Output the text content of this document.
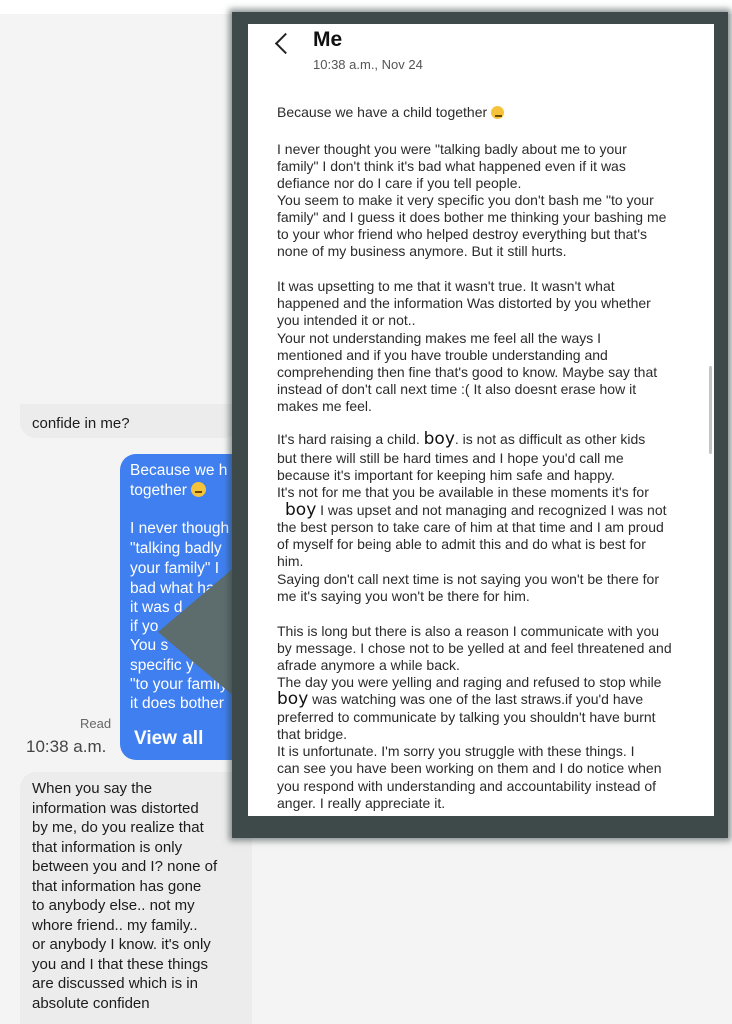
confide in me?
Because we h
together
I never though
"talking badly
your family" I
bad what ha
it was d
if yo
You s
specific y
"to your family
it does bother
View all
Read
10:38 a.m.
When you say the
information was distorted
by me, do you realize that
that information is only
between you and I? none of
that information has gone
to anybody else.. not my
whore friend.. my family..
or anybody I know. it's only
you and I that these things
are discussed which is in
absolute confiden
Me
10:38 a.m., Nov 24
Because we have a child together
I never thought you were "talking badly about me to your
family" I don't think it's bad what happened even if it was
defiance nor do I care if you tell people.
You seem to make it very specific you don't bash me "to your
family" and I guess it does bother me thinking your bashing me
to your whor friend who helped destroy everything but that's
none of my business anymore. But it still hurts.
It was upsetting to me that it wasn't true. It wasn't what
happened and the information Was distorted by you whether
you intended it or not..
Your not understanding makes me feel all the ways I
mentioned and if you have trouble understanding and
comprehending then fine that's good to know. Maybe say that
instead of don't call next time :( It also doesnt erase how it
makes me feel.
It's hard raising a child. boy. is not as difficult as other kids
but there will still be hard times and I hope you'd call me
because it's important for keeping him safe and happy.
It's not for me that you be available in these moments it's for
boy I was upset and not managing and recognized I was not
the best person to take care of him at that time and I am proud
of myself for being able to admit this and do what is best for
him.
Saying don't call next time is not saying you won't be there for
me it's saying you won't be there for him.
This is long but there is also a reason I communicate with you
by message. I chose not to be yelled at and feel threatened and
afrade anymore a while back.
The day you were yelling and raging and refused to stop while
boy was watching was one of the last straws.if you'd have
preferred to communicate by talking you shouldn't have burnt
that bridge.
It is unfortunate. I'm sorry you struggle with these things. I
can see you have been working on them and I do notice when
you respond with understanding and accountability instead of
anger. I really appreciate it.
